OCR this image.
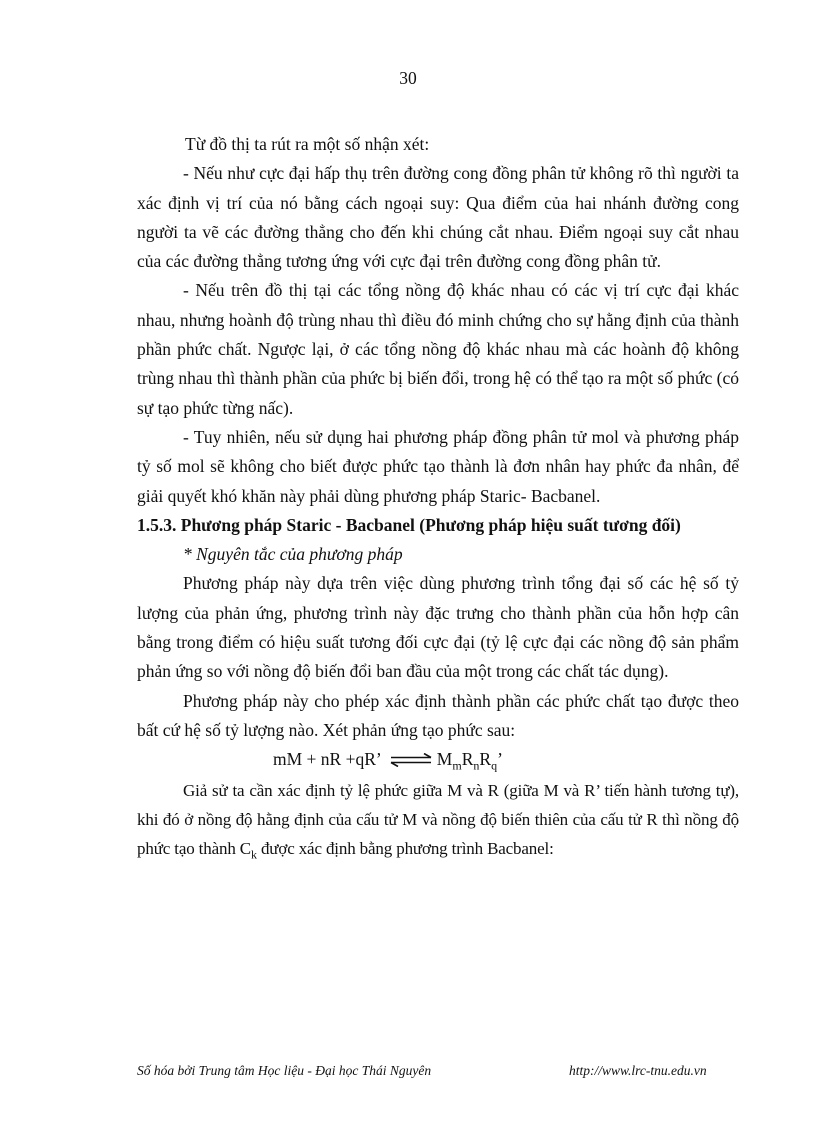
30

Từ đồ thị ta rút ra một số nhận xét:

- Nếu như cực đại hấp thụ trên đường cong đồng phân tử không rõ thì người ta xác định vị trí của nó bằng cách ngoại suy: Qua điểm của hai nhánh đường cong người ta vẽ các đường thẳng cho đến khi chúng cắt nhau. Điểm ngoại suy cắt nhau của các đường thẳng tương ứng với cực đại trên đường cong đồng phân tử.

- Nếu trên đồ thị tại các tổng nồng độ khác nhau có các vị trí cực đại khác nhau, nhưng hoành độ trùng nhau thì điều đó minh chứng cho sự hằng định của thành phần phức chất. Ngược lại, ở các tổng nồng độ khác nhau mà các hoành độ không trùng nhau thì thành phần của phức bị biến đổi, trong hệ có thể tạo ra một số phức (có sự tạo phức từng nấc).

- Tuy nhiên, nếu sử dụng hai phương pháp đồng phân tử mol và phương pháp tỷ số mol sẽ không cho biết được phức tạo thành là đơn nhân hay phức đa nhân, để giải quyết khó khăn này phải dùng phương pháp Staric- Bacbanel.

1.5.3. Phương pháp Staric - Bacbanel (Phương pháp hiệu suất tương đối)

* Nguyên tắc của phương pháp

Phương pháp này dựa trên việc dùng phương trình tổng đại số các hệ số tỷ lượng của phản ứng, phương trình này đặc trưng cho thành phần của hỗn hợp cân bằng trong điểm có hiệu suất tương đối cực đại (tỷ lệ cực đại các nồng độ sản phẩm phản ứng so với nồng độ biến đổi ban đầu của một trong các chất tác dụng).

Phương pháp này cho phép xác định thành phần các phức chất tạo được theo bất cứ hệ số tỷ lượng nào. Xét phản ứng tạo phức sau:

mM + nR +qR’ ⇌ $M_mR_nR_q$’

Giả sử ta cần xác định tỷ lệ phức giữa M và R (giữa M và R’ tiến hành tương tự), khi đó ở nồng độ hằng định của cấu tử M và nồng độ biến thiên của cấu tử R thì nồng độ phức tạo thành $C_k$ được xác định bằng phương trình Bacbanel:

Số hóa bởi Trung tâm Học liệu - Đại học Thái Nguyên	http://www.lrc-tnu.edu.vn
